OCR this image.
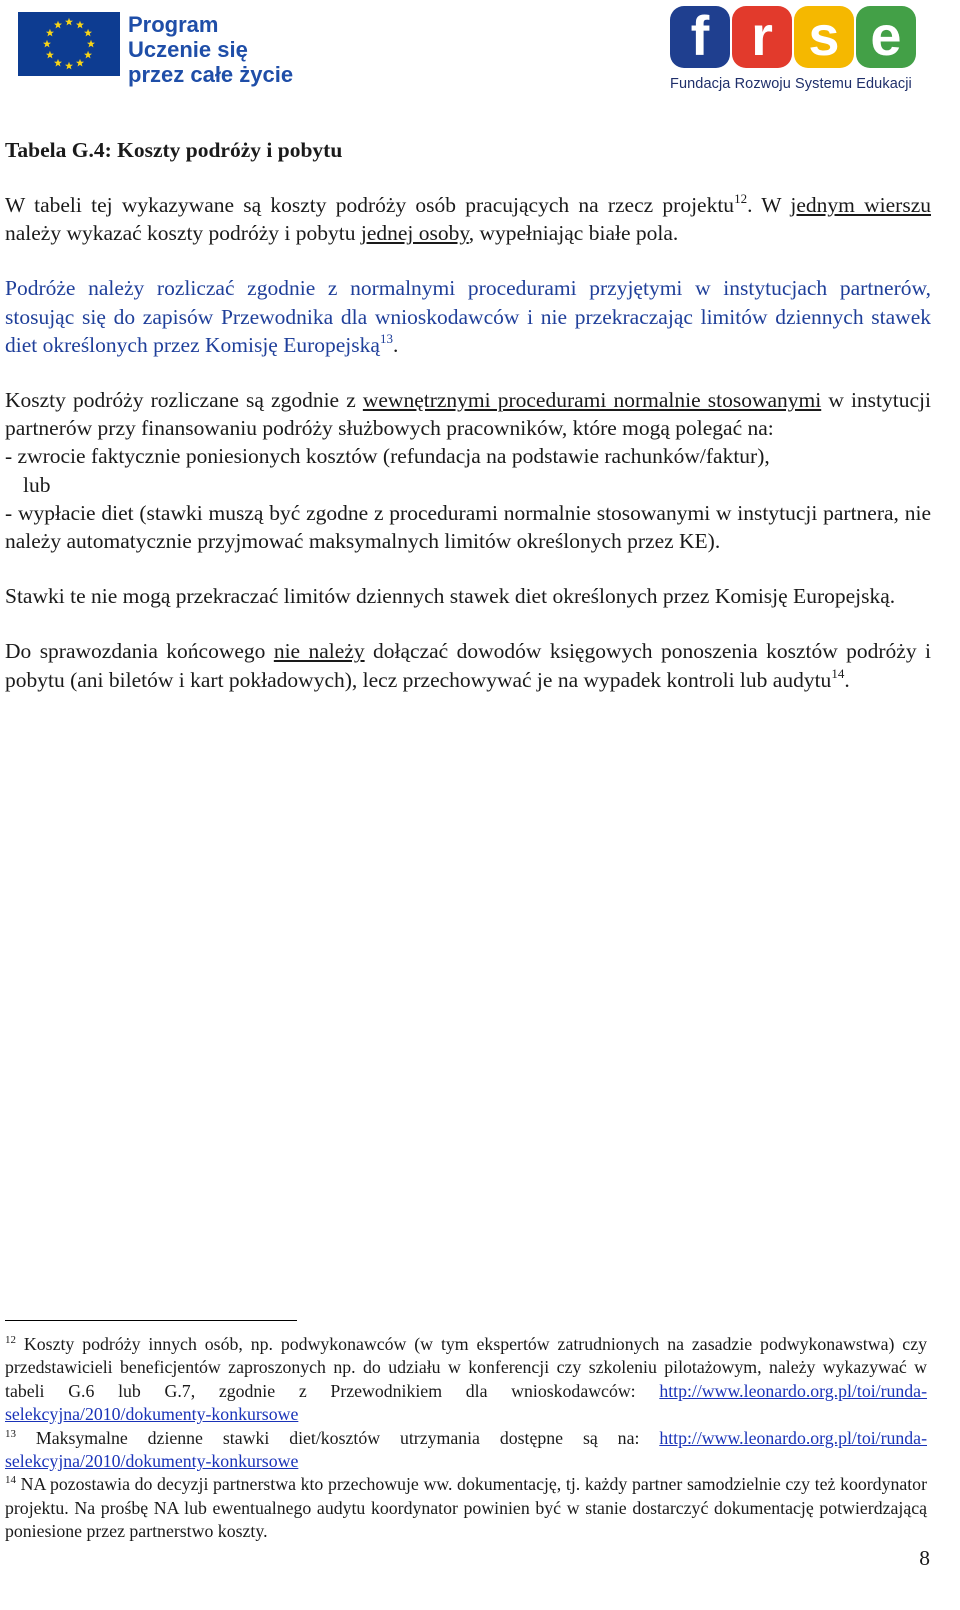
Program
Uczenie się
przez całe życie
f r s e
Fundacja Rozwoju Systemu Edukacji
Tabela G.4: Koszty podróży i pobytu

W tabeli tej wykazywane są koszty podróży osób pracujących na rzecz projektu$^{12}$. W jednym wierszu należy wykazać koszty podróży i pobytu jednej osoby, wypełniając białe pola.

Podróże należy rozliczać zgodnie z normalnymi procedurami przyjętymi w instytucjach partnerów, stosując się do zapisów Przewodnika dla wnioskodawców i nie przekraczając limitów dziennych stawek diet określonych przez Komisję Europejską$^{13}$.

Koszty podróży rozliczane są zgodnie z wewnętrznymi procedurami normalnie stosowanymi w instytucji partnerów przy finansowaniu podróży służbowych pracowników, które mogą polegać na:
- zwrocie faktycznie poniesionych kosztów (refundacja na podstawie rachunków/faktur),
lub
- wypłacie diet (stawki muszą być zgodne z procedurami normalnie stosowanymi w instytucji partnera, nie należy automatycznie przyjmować maksymalnych limitów określonych przez KE).

Stawki te nie mogą przekraczać limitów dziennych stawek diet określonych przez Komisję Europejską.

Do sprawozdania końcowego nie należy dołączać dowodów księgowych ponoszenia kosztów podróży i pobytu (ani biletów i kart pokładowych), lecz przechowywać je na wypadek kontroli lub audytu$^{14}$.

$^{12}$ Koszty podróży innych osób, np. podwykonawców (w tym ekspertów zatrudnionych na zasadzie podwykonawstwa) czy przedstawicieli beneficjentów zaproszonych np. do udziału w konferencji czy szkoleniu pilotażowym, należy wykazywać w tabeli G.6 lub G.7, zgodnie z Przewodnikiem dla wnioskodawców: http://www.leonardo.org.pl/toi/runda-selekcyjna/2010/dokumenty-konkursowe

$^{13}$ Maksymalne dzienne stawki diet/kosztów utrzymania dostępne są na: http://www.leonardo.org.pl/toi/runda-selekcyjna/2010/dokumenty-konkursowe

$^{14}$ NA pozostawia do decyzji partnerstwa kto przechowuje ww. dokumentację, tj. każdy partner samodzielnie czy też koordynator projektu. Na prośbę NA lub ewentualnego audytu koordynator powinien być w stanie dostarczyć dokumentację potwierdzającą poniesione przez partnerstwo koszty.

8
